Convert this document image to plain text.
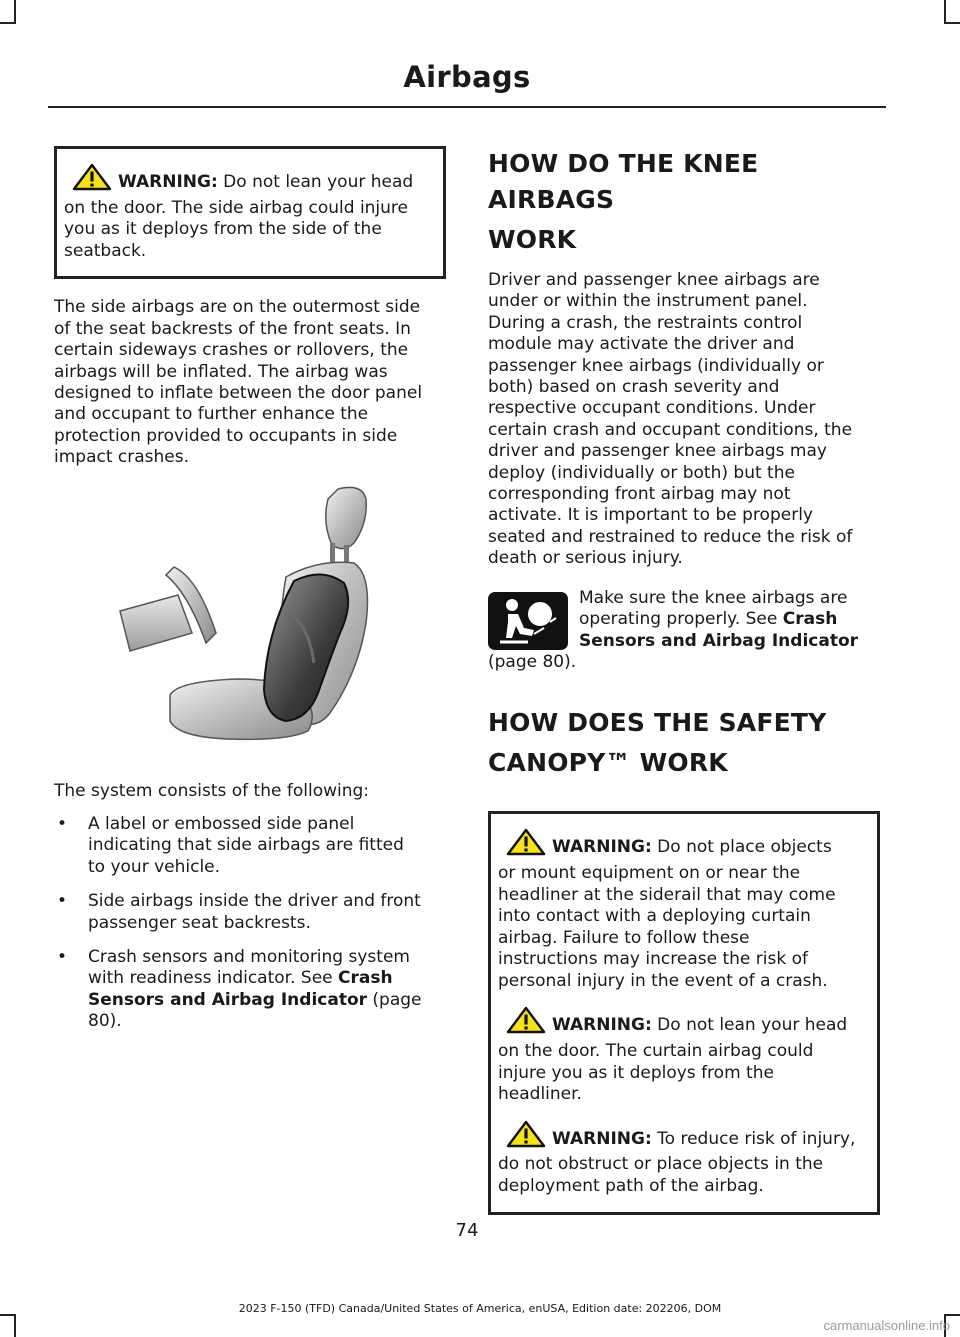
Airbags

WARNING: Do not lean your head

on the door. The side airbag could injure

you as it deploys from the side of the

seatback.

The side airbags are on the outermost side

of the seat backrests of the front seats. In

certain sideways crashes or rollovers, the

airbags will be inflated. The airbag was

designed to inflate between the door panel

and occupant to further enhance the

protection provided to occupants in side

impact crashes.

The system consists of the following:

• A label or embossed side panel
indicating that side airbags are fitted
to your vehicle.
• Side airbags inside the driver and front
passenger seat backrests.
• Crash sensors and monitoring system
with readiness indicator. See Crash
Sensors and Airbag Indicator (page
80).
HOW DO THE KNEE AIRBAGS
WORK

Driver and passenger knee airbags are

under or within the instrument panel.

During a crash, the restraints control

module may activate the driver and

passenger knee airbags (individually or

both) based on crash severity and

respective occupant conditions. Under

certain crash and occupant conditions, the

driver and passenger knee airbags may

deploy (individually or both) but the

corresponding front airbag may not

activate. It is important to be properly

seated and restrained to reduce the risk of

death or serious injury.

Make sure the knee airbags are

operating properly. See Crash

Sensors and Airbag Indicator

(page 80).

HOW DOES THE SAFETY
CANOPY™ WORK

WARNING: Do not place objects

or mount equipment on or near the

headliner at the siderail that may come

into contact with a deploying curtain

airbag. Failure to follow these

instructions may increase the risk of

personal injury in the event of a crash.

WARNING: Do not lean your head

on the door. The curtain airbag could

injure you as it deploys from the

headliner.

WARNING: To reduce risk of injury,

do not obstruct or place objects in the

deployment path of the airbag.

74
2023 F-150 (TFD) Canada/United States of America, enUSA, Edition date: 202206, DOM
carmanualsonline.info
